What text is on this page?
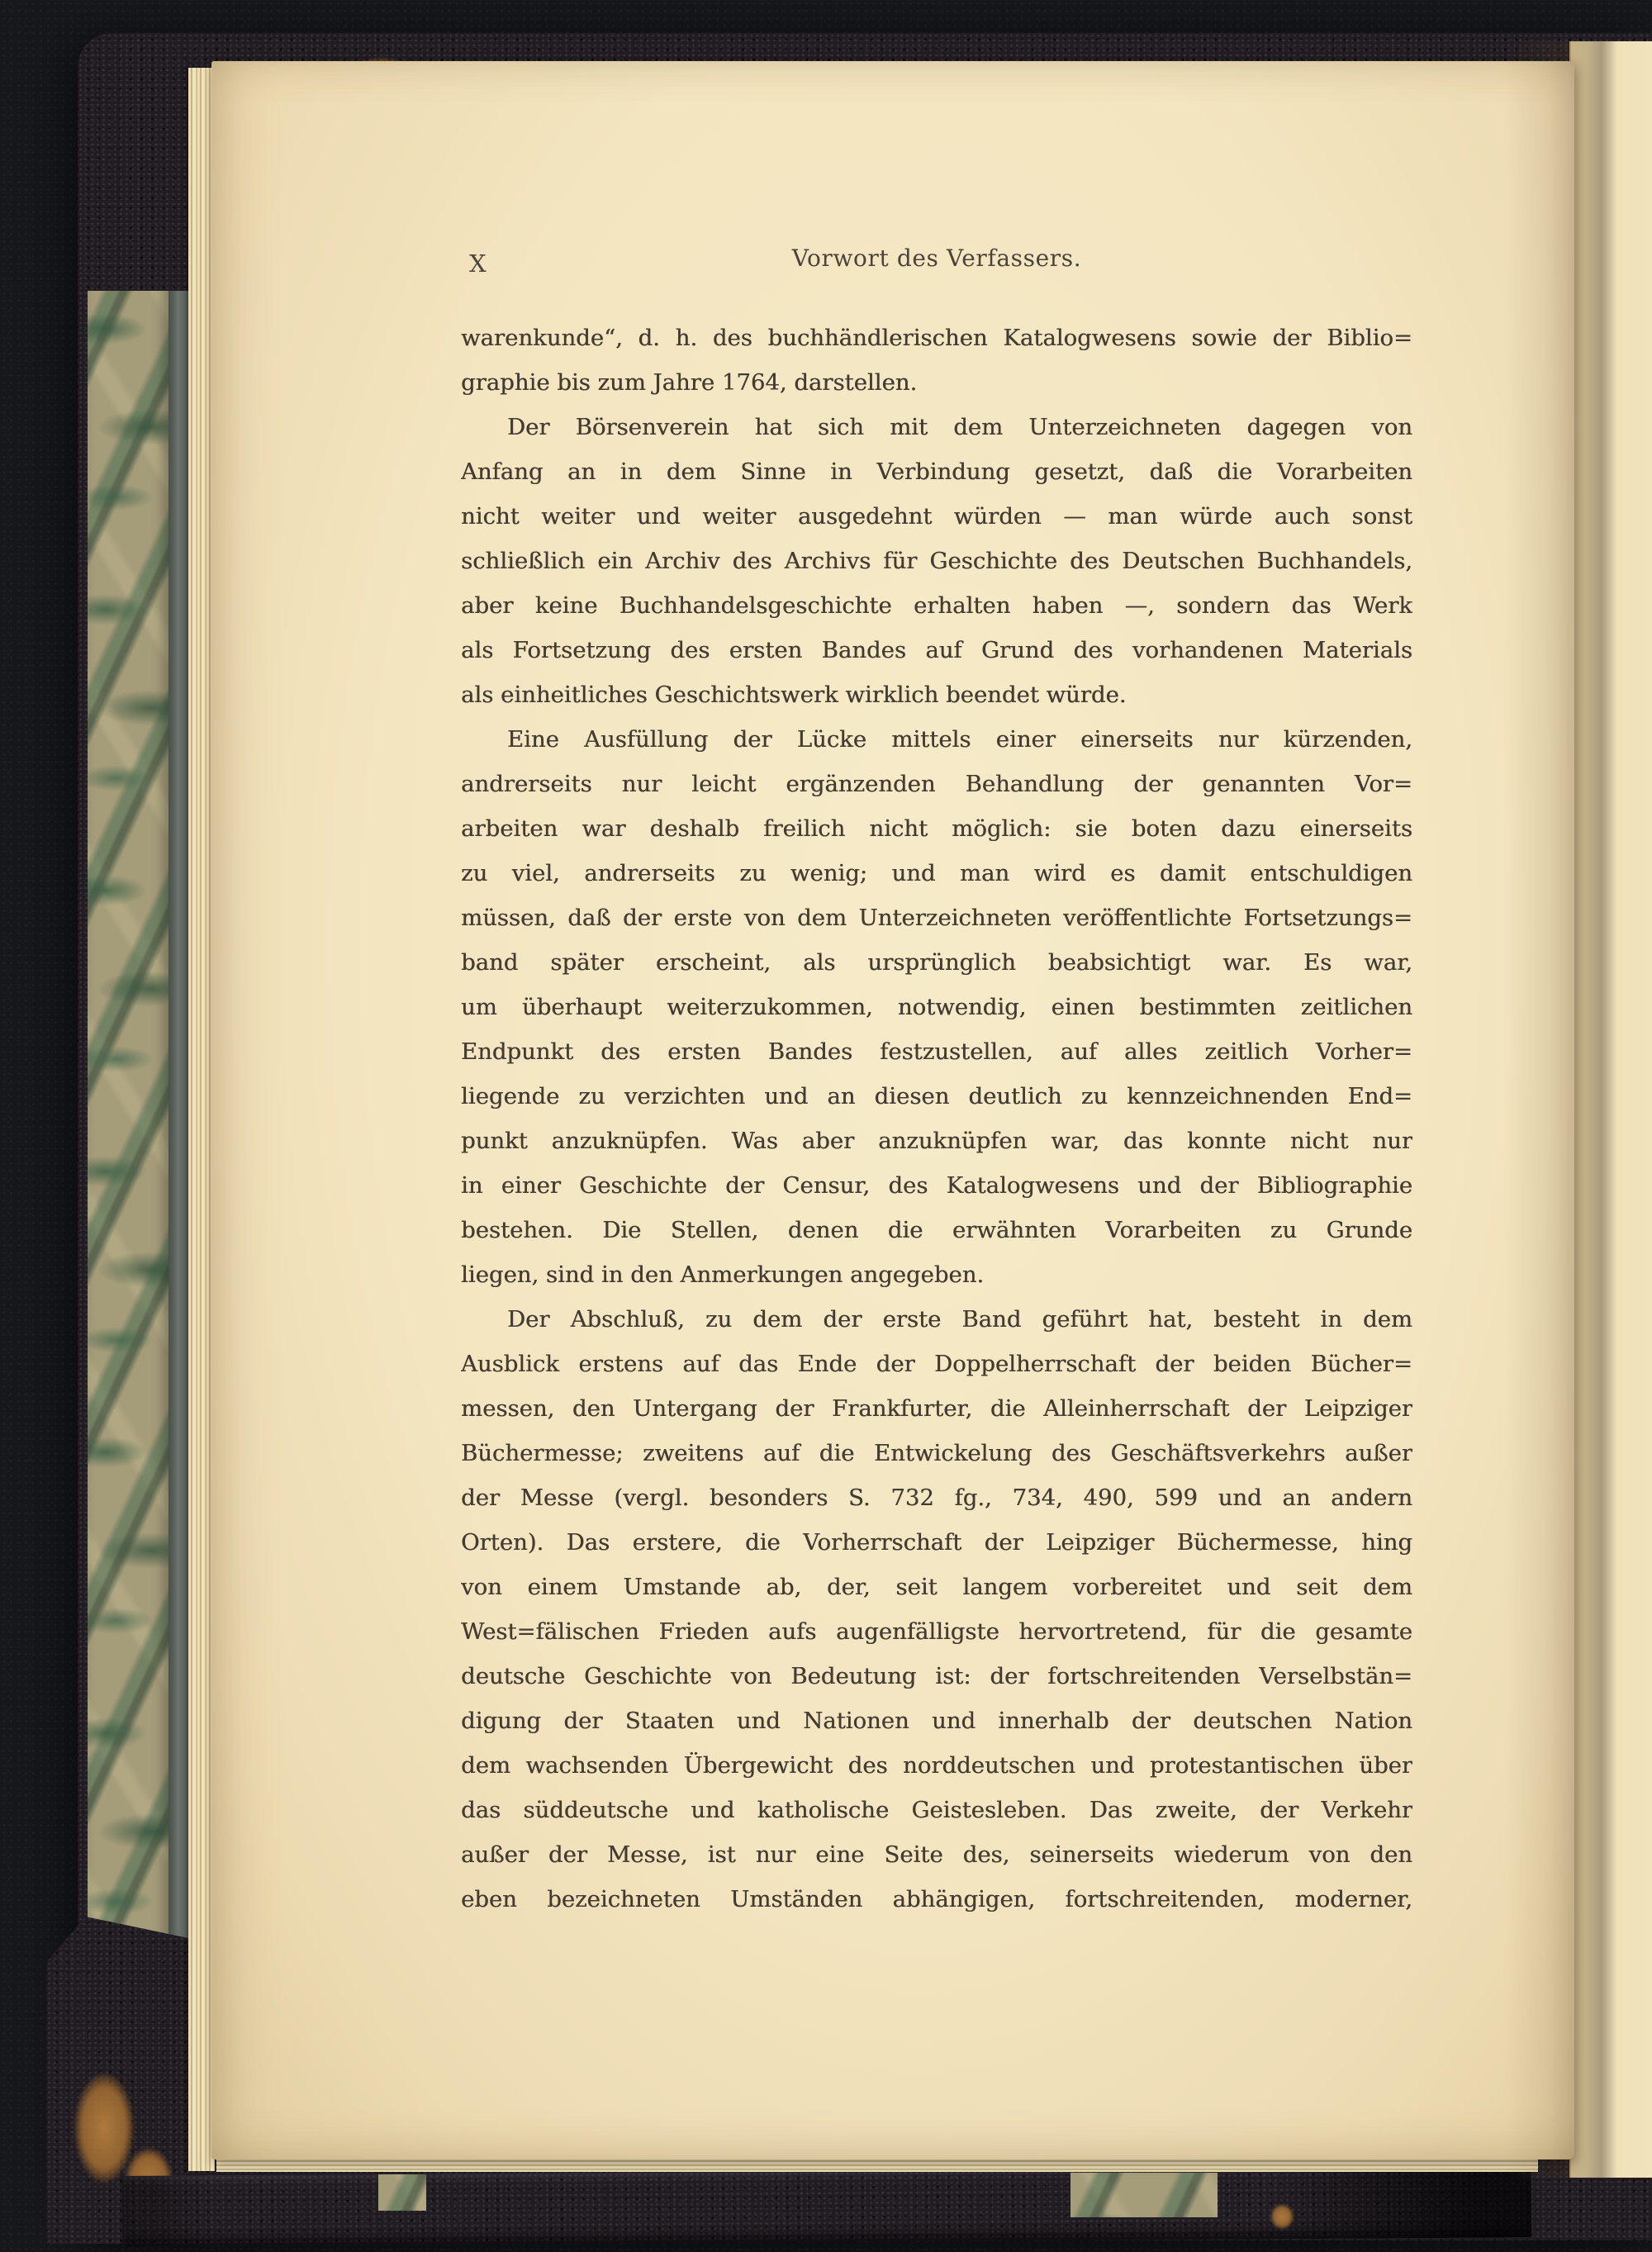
X	Vorwort des Verfassers.
warenkunde“, d. h. des buchhändlerischen Katalogwesens sowie der Biblio=
graphie bis zum Jahre 1764, darstellen.
Der Börsenverein hat sich mit dem Unterzeichneten dagegen von
Anfang an in dem Sinne in Verbindung gesetzt, daß die Vorarbeiten
nicht weiter und weiter ausgedehnt würden — man würde auch sonst
schließlich ein Archiv des Archivs für Geschichte des Deutschen Buchhandels,
aber keine Buchhandelsgeschichte erhalten haben —, sondern das Werk
als Fortsetzung des ersten Bandes auf Grund des vorhandenen Materials
als einheitliches Geschichtswerk wirklich beendet würde.
Eine Ausfüllung der Lücke mittels einer einerseits nur kürzenden,
andrerseits nur leicht ergänzenden Behandlung der genannten Vor=
arbeiten war deshalb freilich nicht möglich: sie boten dazu einerseits
zu viel, andrerseits zu wenig; und man wird es damit entschuldigen
müssen, daß der erste von dem Unterzeichneten veröffentlichte Fortsetzungs=
band später erscheint, als ursprünglich beabsichtigt war. Es war,
um überhaupt weiterzukommen, notwendig, einen bestimmten zeitlichen
Endpunkt des ersten Bandes festzustellen, auf alles zeitlich Vorher=
liegende zu verzichten und an diesen deutlich zu kennzeichnenden End=
punkt anzuknüpfen. Was aber anzuknüpfen war, das konnte nicht nur
in einer Geschichte der Censur, des Katalogwesens und der Bibliographie
bestehen. Die Stellen, denen die erwähnten Vorarbeiten zu Grunde
liegen, sind in den Anmerkungen angegeben.
Der Abschluß, zu dem der erste Band geführt hat, besteht in dem
Ausblick erstens auf das Ende der Doppelherrschaft der beiden Bücher=
messen, den Untergang der Frankfurter, die Alleinherrschaft der Leipziger
Büchermesse; zweitens auf die Entwickelung des Geschäftsverkehrs außer
der Messe (vergl. besonders S. 732 fg., 734, 490, 599 und an andern
Orten). Das erstere, die Vorherrschaft der Leipziger Büchermesse, hing
von einem Umstande ab, der, seit langem vorbereitet und seit dem
West=fälischen Frieden aufs augenfälligste hervortretend, für die gesamte
deutsche Geschichte von Bedeutung ist: der fortschreitenden Verselbstän=
digung der Staaten und Nationen und innerhalb der deutschen Nation
dem wachsenden Übergewicht des norddeutschen und protestantischen über
das süddeutsche und katholische Geistesleben. Das zweite, der Verkehr
außer der Messe, ist nur eine Seite des, seinerseits wiederum von den
eben bezeichneten Umständen abhängigen, fortschreitenden, moderner,
